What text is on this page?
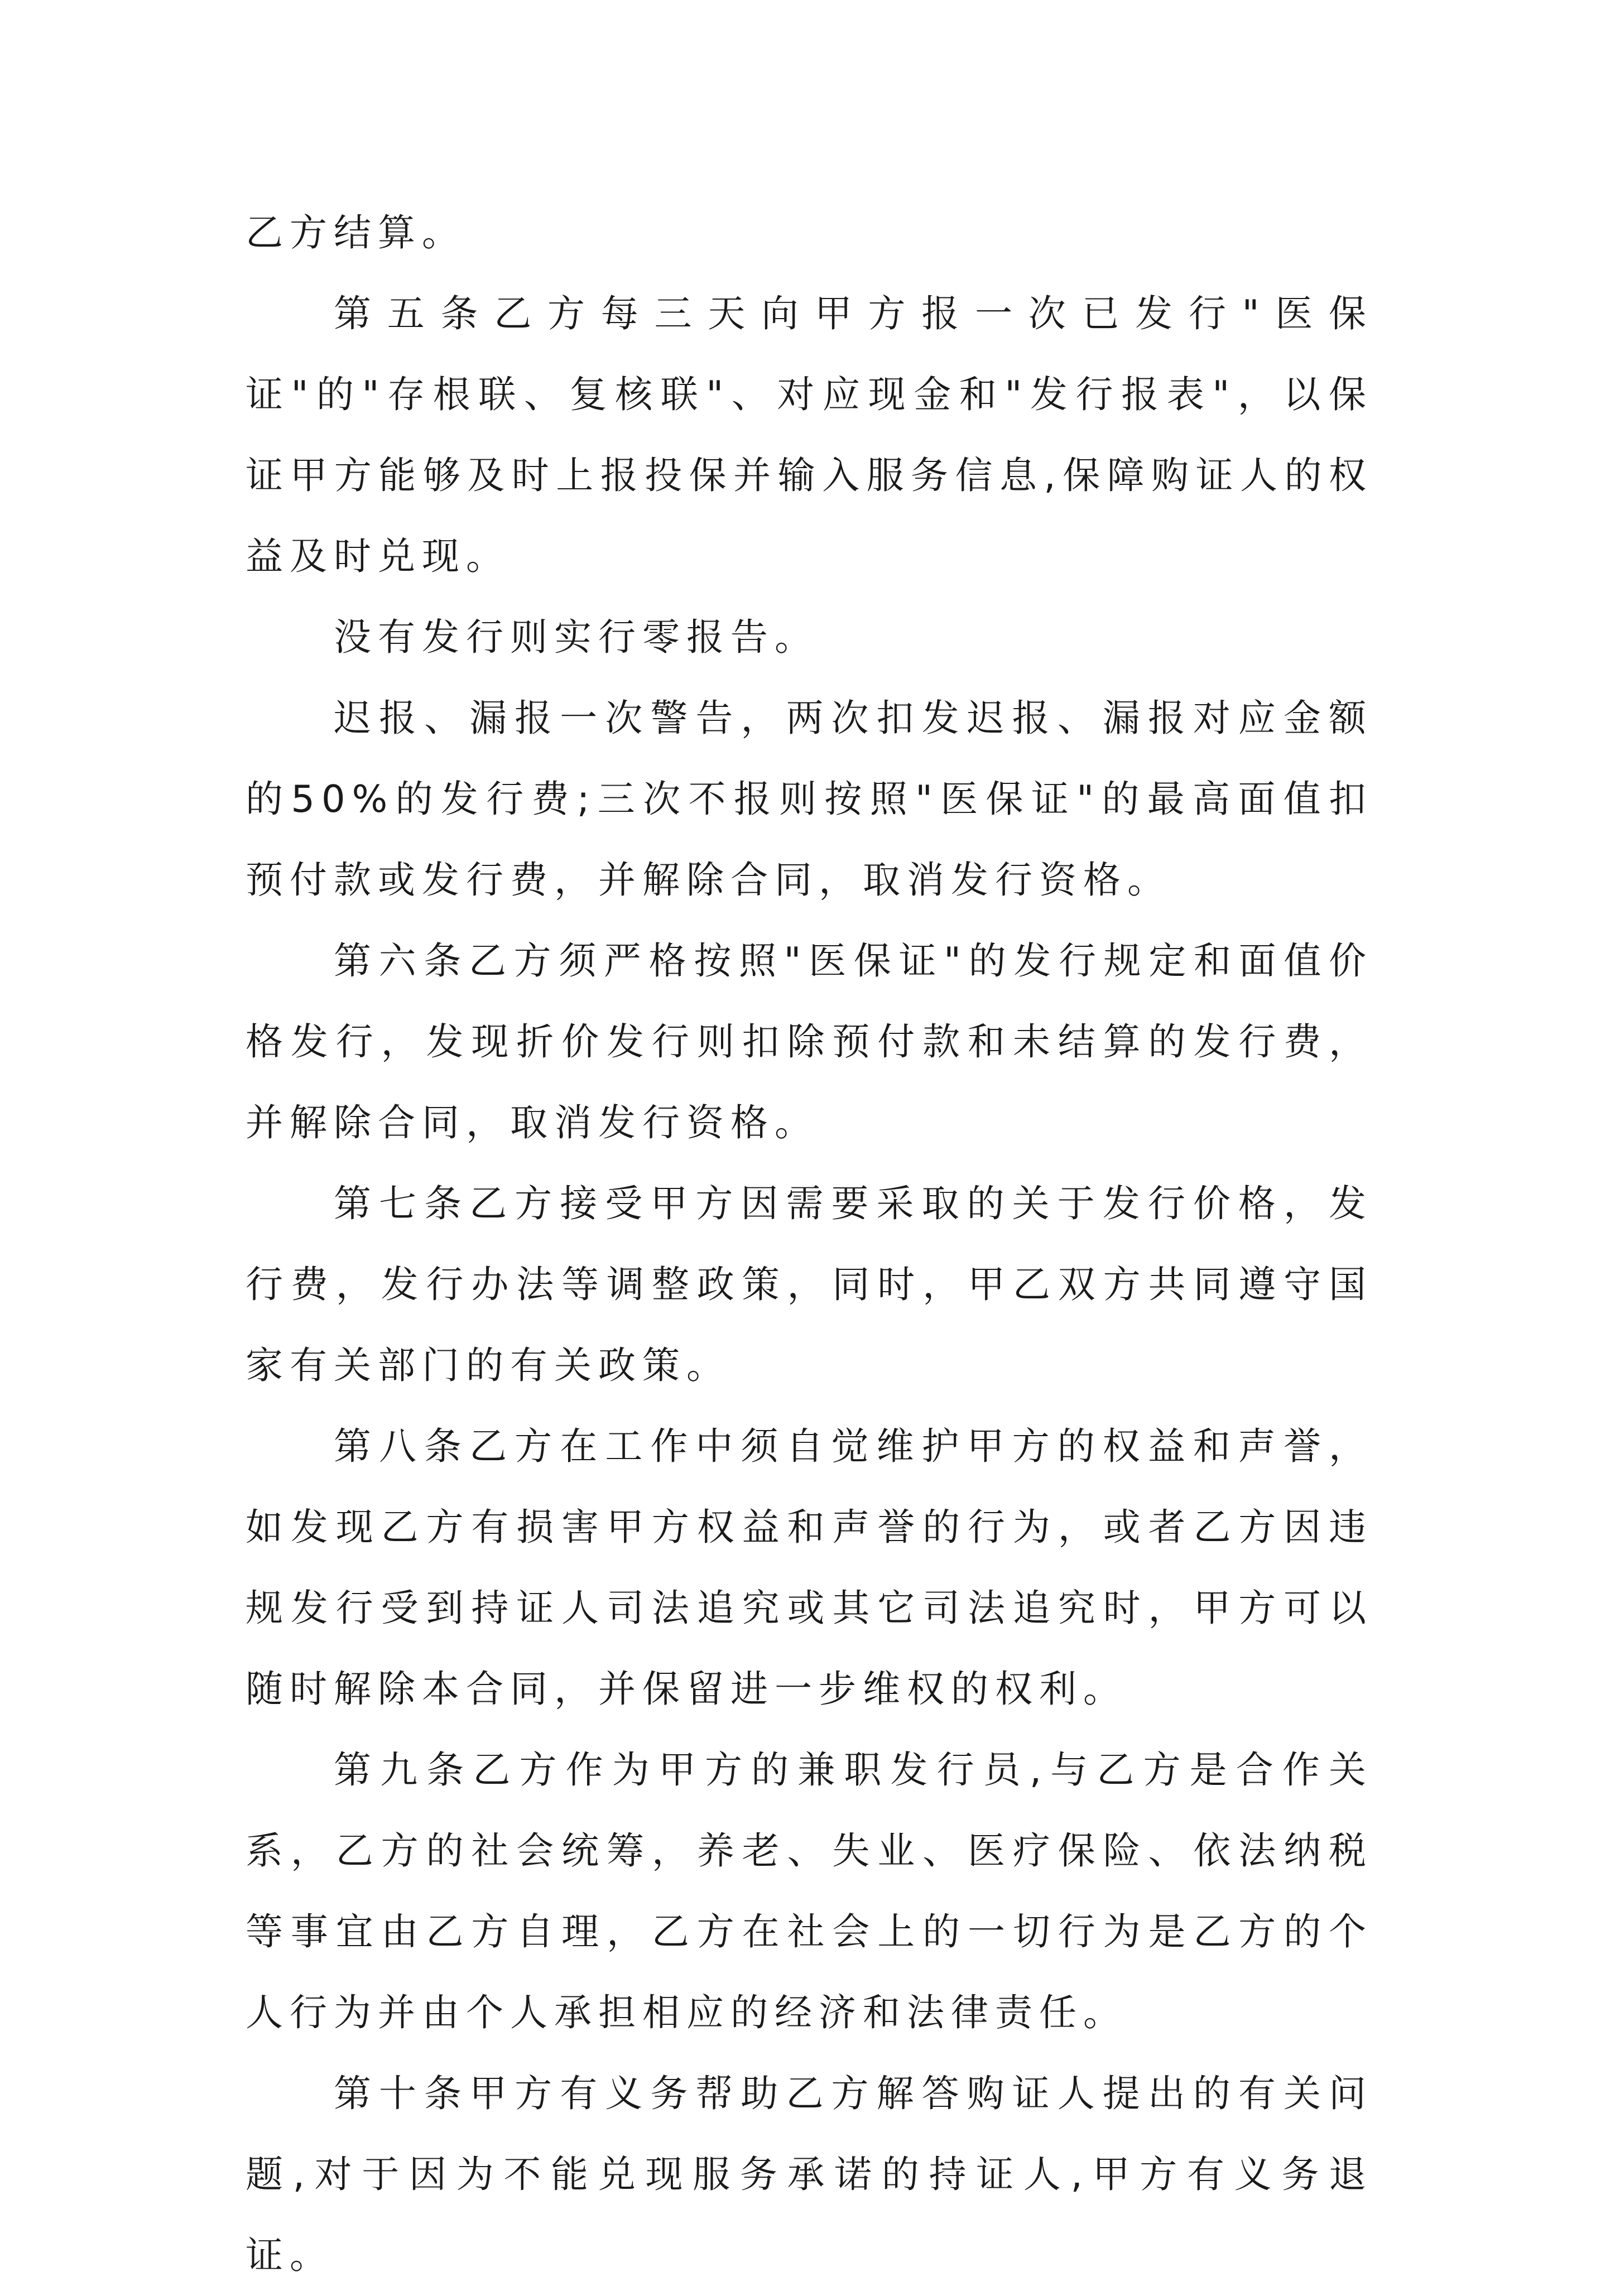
乙方结算。

第五条乙方每三天向甲方报一次已发行"医保证"的"存根联、复核联"、对应现金和"发行报表"，以保证甲方能够及时上报投保并输入服务信息,保障购证人的权益及时兑现。

没有发行则实行零报告。

迟报、漏报一次警告，两次扣发迟报、漏报对应金额的50%的发行费;三次不报则按照"医保证"的最高面值扣预付款或发行费，并解除合同，取消发行资格。

第六条乙方须严格按照"医保证"的发行规定和面值价格发行，发现折价发行则扣除预付款和未结算的发行费，并解除合同，取消发行资格。

第七条乙方接受甲方因需要采取的关于发行价格，发行费，发行办法等调整政策，同时，甲乙双方共同遵守国家有关部门的有关政策。

第八条乙方在工作中须自觉维护甲方的权益和声誉，如发现乙方有损害甲方权益和声誉的行为，或者乙方因违规发行受到持证人司法追究或其它司法追究时，甲方可以随时解除本合同，并保留进一步维权的权利。

第九条乙方作为甲方的兼职发行员,与乙方是合作关系，乙方的社会统筹，养老、失业、医疗保险、依法纳税等事宜由乙方自理，乙方在社会上的一切行为是乙方的个人行为并由个人承担相应的经济和法律责任。

第十条甲方有义务帮助乙方解答购证人提出的有关问题,对于因为不能兑现服务承诺的持证人,甲方有义务退证。
